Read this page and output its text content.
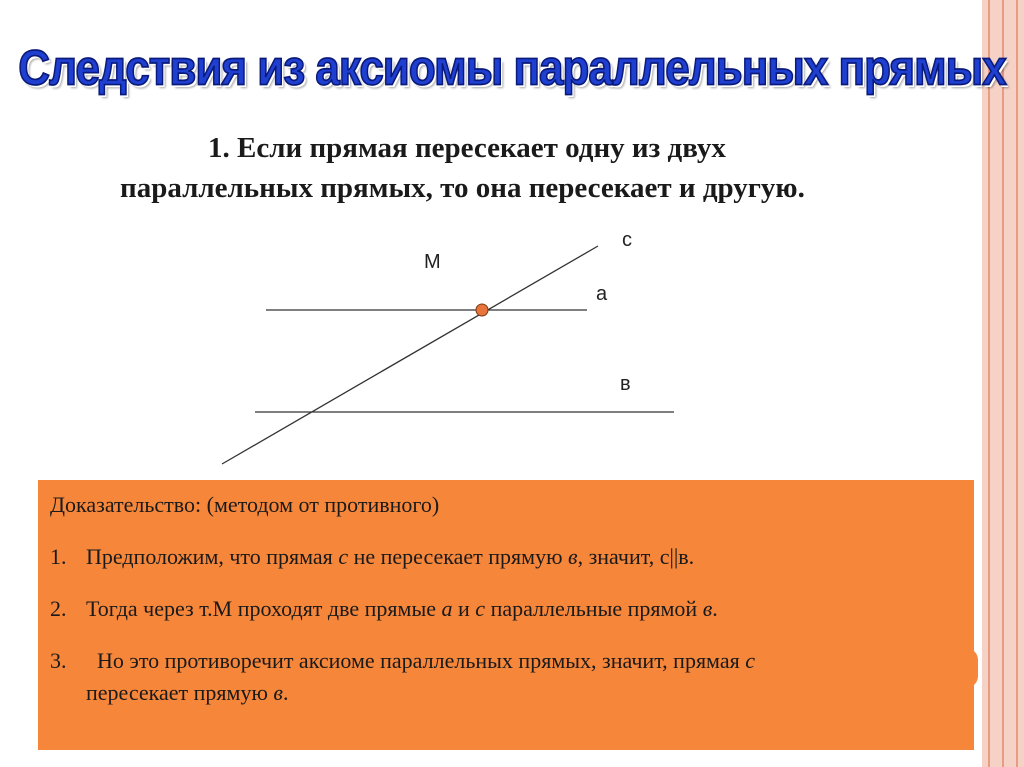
Следствия из аксиомы параллельных прямых
1. Если прямая пересекает одну из двух
параллельных прямых, то она пересекает и другую.
с
М
а
в
Доказательство: (методом от противного)
1. Предположим, что прямая с не пересекает прямую в, значит, с||в.
2. Тогда через т.М проходят две прямые а и с параллельные прямой в.
3.  Но это противоречит аксиоме параллельных прямых, значит, прямая с
пересекает прямую в.
